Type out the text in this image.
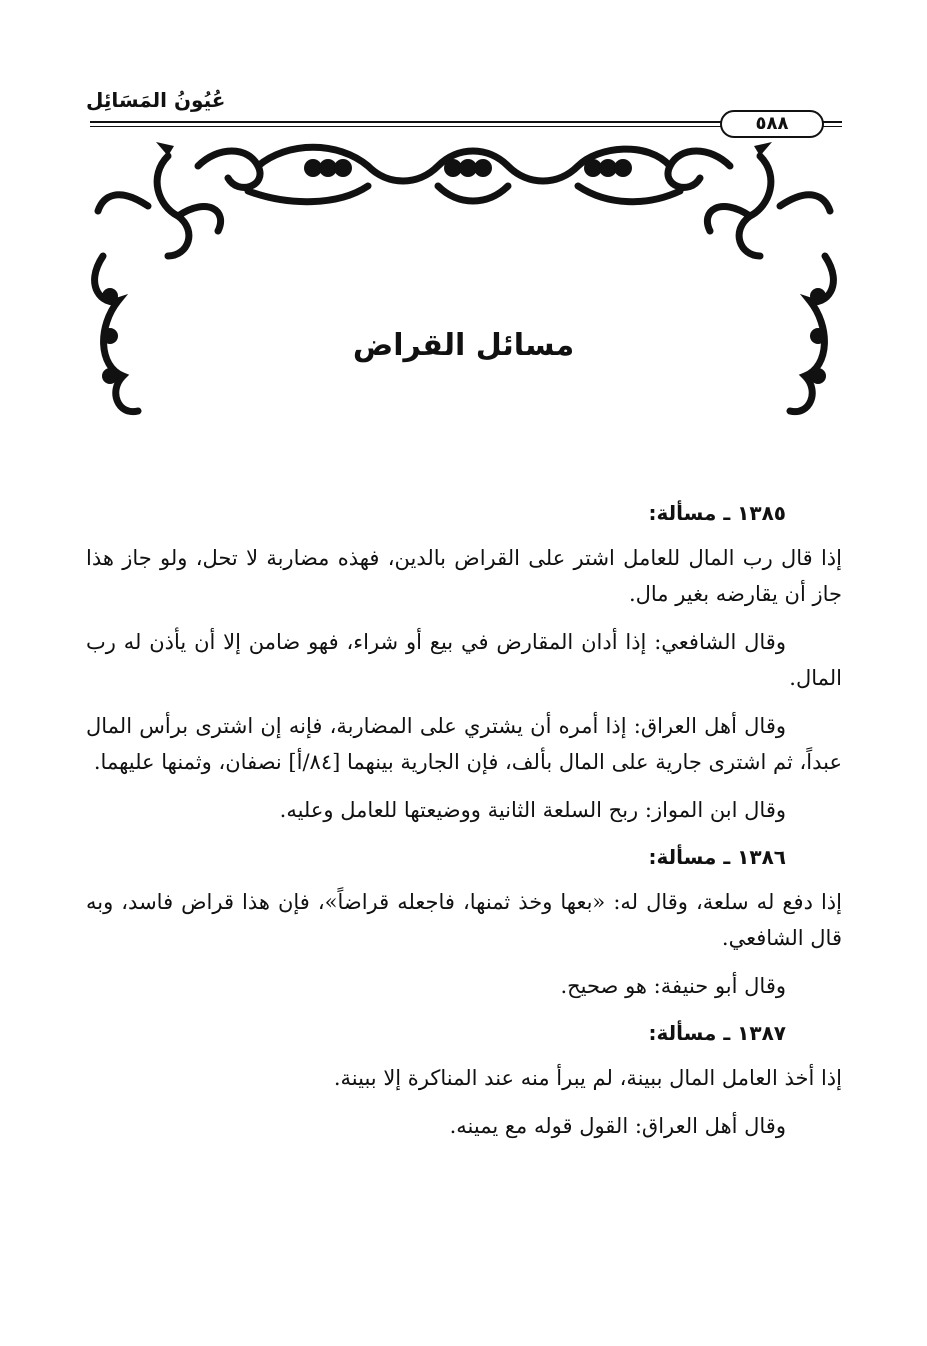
عُيُونُ المَسَائِل
٥٨٨
مسائل القراض
١٣٨٥ ـ مسألة:

إذا قال رب المال للعامل اشتر على القراض بالدين، فهذه مضاربة لا تحل، ولو جاز هذا جاز أن يقارضه بغير مال.

وقال الشافعي: إذا أدان المقارض في بيع أو شراء، فهو ضامن إلا أن يأذن له رب المال.

وقال أهل العراق: إذا أمره أن يشتري على المضاربة، فإنه إن اشترى برأس المال عبداً، ثم اشترى جارية على المال بألف، فإن الجارية بينهما [٨٤/أ] نصفان، وثمنها عليهما.

وقال ابن المواز: ربح السلعة الثانية ووضيعتها للعامل وعليه.

١٣٨٦ ـ مسألة:

إذا دفع له سلعة، وقال له: «بعها وخذ ثمنها، فاجعله قراضاً»، فإن هذا قراض فاسد، وبه قال الشافعي.

وقال أبو حنيفة: هو صحيح.

١٣٨٧ ـ مسألة:

إذا أخذ العامل المال ببينة، لم يبرأ منه عند المناكرة إلا ببينة.

وقال أهل العراق: القول قوله مع يمينه.
